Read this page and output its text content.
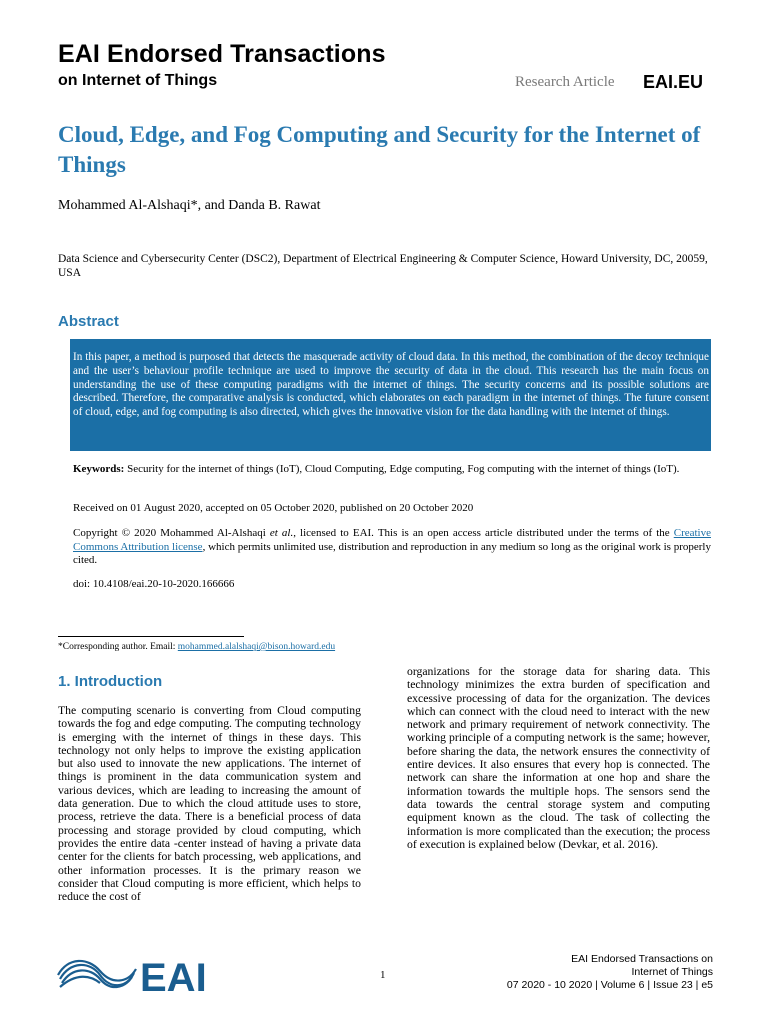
EAI Endorsed Transactions
on Internet of Things	Research Article EAI.EU
Cloud, Edge, and Fog Computing and Security for the Internet of Things
Mohammed Al-Alshaqi*, and Danda B. Rawat
Data Science and Cybersecurity Center (DSC2), Department of Electrical Engineering & Computer Science, Howard University, DC, 20059, USA
Abstract

In this paper, a method is purposed that detects the masquerade activity of cloud data. In this method, the combination of the decoy technique and the user’s behaviour profile technique are used to improve the security of data in the cloud. This research has the main focus on understanding the use of these computing paradigms with the internet of things. The security concerns and its possible solutions are described. Therefore, the comparative analysis is conducted, which elaborates on each paradigm in the internet of things. The future consent of cloud, edge, and fog computing is also directed, which gives the innovative vision for the data handling with the internet of things.

Keywords: Security for the internet of things (IoT), Cloud Computing, Edge computing, Fog computing with the internet of things (IoT).
Received on 01 August 2020, accepted on 05 October 2020, published on 20 October 2020
Copyright © 2020 Mohammed Al-Alshaqi et al., licensed to EAI. This is an open access article distributed under the terms of the Creative Commons Attribution license, which permits unlimited use, distribution and reproduction in any medium so long as the original work is properly cited.
doi: 10.4108/eai.20-10-2020.166666
*Corresponding author. Email: mohammed.alalshaqi@bison.howard.edu
1. Introduction

The computing scenario is converting from Cloud computing towards the fog and edge computing. The computing technology is emerging with the internet of things in these days. This technology not only helps to improve the existing application but also used to innovate the new applications. The internet of things is prominent in the data communication system and various devices, which are leading to increasing the amount of data generation. Due to which the cloud attitude uses to store, process, retrieve the data. There is a beneficial process of data processing and storage provided by cloud computing, which provides the entire data -center instead of having a private data center for the clients for batch processing, web applications, and other information processes. It is the primary reason we consider that Cloud computing is more efficient, which helps to reduce the cost of

organizations for the storage data for sharing data. This technology minimizes the extra burden of specification and excessive processing of data for the organization. The devices which can connect with the cloud need to interact with the new network and primary requirement of network connectivity. The working principle of a computing network is the same; however, before sharing the data, the network ensures the connectivity of entire devices. It also ensures that every hop is connected. The network can share the information at one hop and share the information towards the multiple hops. The sensors send the data towards the central storage system and computing equipment known as the cloud. The task of collecting the information is more complicated than the execution; the process of execution is explained below (Devkar, et al. 2016).

EAI	1
EAI Endorsed Transactions on
Internet of Things
07 2020 - 10 2020 | Volume 6 | Issue 23 | e5
